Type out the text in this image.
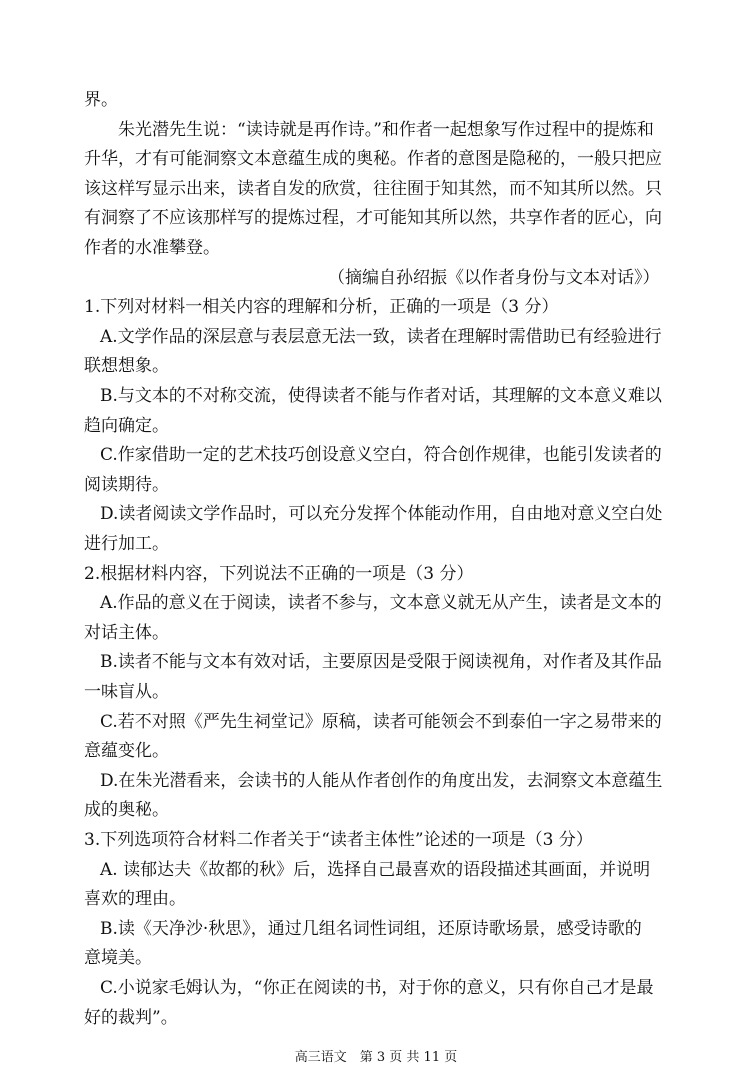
界。
朱光潜先生说：“读诗就是再作诗。”和作者一起想象写作过程中的提炼和
升华，才有可能洞察文本意蕴生成的奥秘。作者的意图是隐秘的，一般只把应
该这样写显示出来，读者自发的欣赏，往往囿于知其然，而不知其所以然。只
有洞察了不应该那样写的提炼过程，才可能知其所以然，共享作者的匠心，向
作者的水准攀登。
（摘编自孙绍振《以作者身份与文本对话》）
1.下列对材料一相关内容的理解和分析，正确的一项是（3 分）
A.文学作品的深层意与表层意无法一致，读者在理解时需借助已有经验进行
联想想象。
B.与文本的不对称交流，使得读者不能与作者对话，其理解的文本意义难以
趋向确定。
C.作家借助一定的艺术技巧创设意义空白，符合创作规律，也能引发读者的
阅读期待。
D.读者阅读文学作品时，可以充分发挥个体能动作用，自由地对意义空白处
进行加工。
2.根据材料内容，下列说法不正确的一项是（3 分）
A.作品的意义在于阅读，读者不参与，文本意义就无从产生，读者是文本的
对话主体。
B.读者不能与文本有效对话，主要原因是受限于阅读视角，对作者及其作品
一味盲从。
C.若不对照《严先生祠堂记》原稿，读者可能领会不到泰伯一字之易带来的
意蕴变化。
D.在朱光潜看来，会读书的人能从作者创作的角度出发，去洞察文本意蕴生
成的奥秘。
3.下列选项符合材料二作者关于“读者主体性”论述的一项是（3 分）
A. 读郁达夫《故都的秋》后，选择自己最喜欢的语段描述其画面，并说明
喜欢的理由。
B.读《天净沙·秋思》，通过几组名词性词组，还原诗歌场景，感受诗歌的
意境美。
C.小说家毛姆认为，“你正在阅读的书，对于你的意义，只有你自己才是最
好的裁判”。
高三语文　第 3 页 共 11 页
